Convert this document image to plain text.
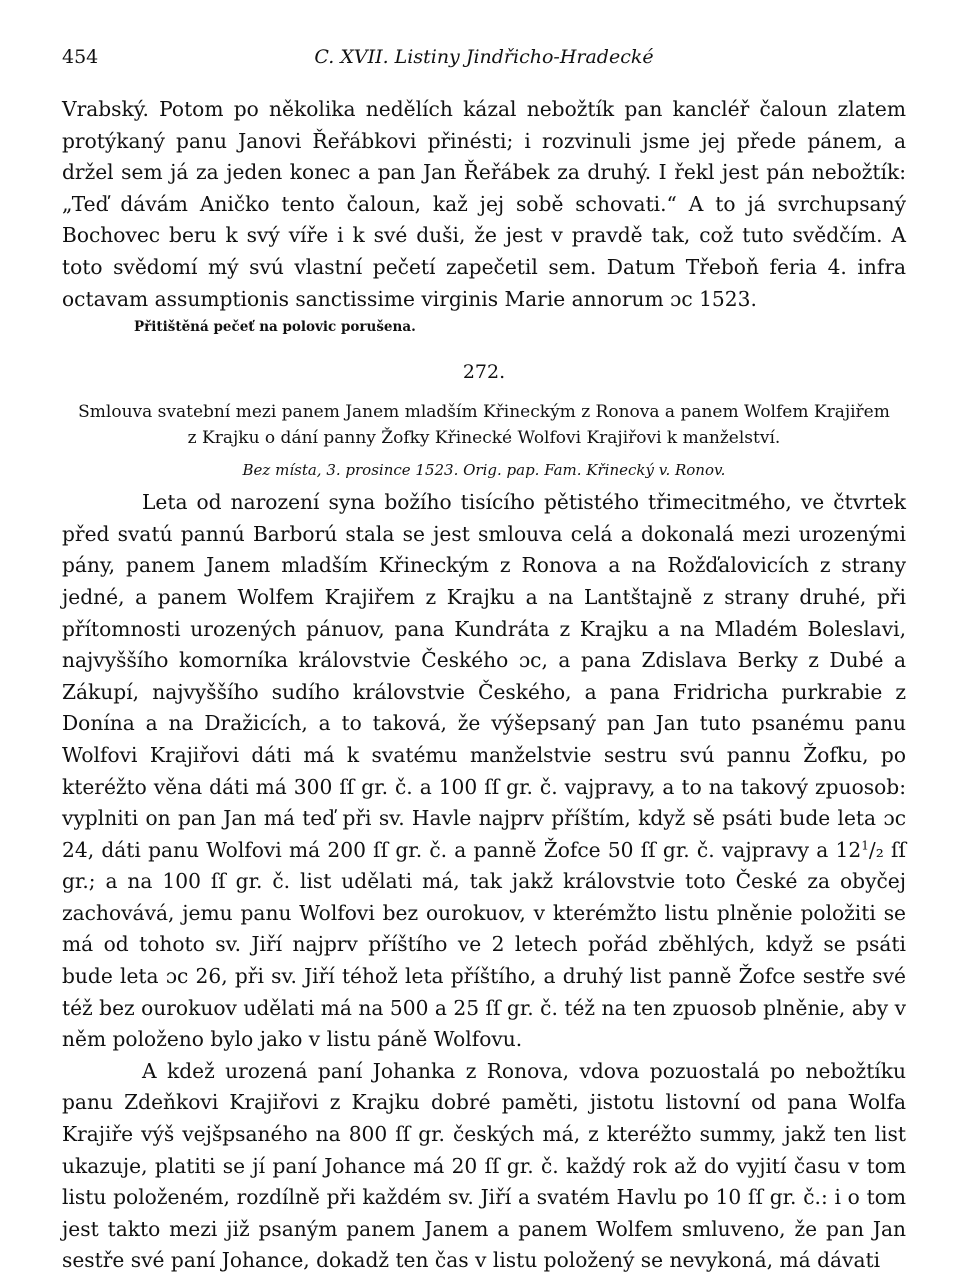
454	C. XVII. Listiny Jindřicho-Hradecké

Vrabský. Potom po několika nedělích kázal nebožtík pan kancléř čaloun zlatem protýkaný panu Janovi Řeřábkovi přinésti; i rozvinuli jsme jej přede pánem, a držel sem já za jeden konec a pan Jan Řeřábek za druhý. I řekl jest pán nebožtík: „Teď dávám Aničko tento čaloun, kaž jej sobě schovati.“ A to já svrchupsaný Bochovec beru k svý víře i k své duši, že jest v pravdě tak, což tuto svědčím. A toto svědomí mý svú vlastní pečetí zapečetil sem. Datum Třeboň feria 4. infra octavam assumptionis sanctissime virginis Marie annorum ɔc 1523.

Přitištěná pečeť na polovic porušena.
272.
Smlouva svatební mezi panem Janem mladším Křineckým z Ronova a panem Wolfem Krajiřem
z Krajku o dání panny Žofky Křinecké Wolfovi Krajiřovi k manželství.
Bez místa, 3. prosince 1523. Orig. pap. Fam. Křinecký v. Ronov.

Leta od narození syna božího tisícího pětistého třimecitmého, ve čtvrtek před svatú pannú Barború stala se jest smlouva celá a dokonalá mezi urozenými pány, panem Janem mladším Křineckým z Ronova a na Rožďalovicích z strany jedné, a panem Wolfem Krajiřem z Krajku a na Lantštajně z strany druhé, při přítomnosti urozených pánuov, pana Kundráta z Krajku a na Mladém Boleslavi, najvyššího komorníka královstvie Českého ɔc, a pana Zdislava Berky z Dubé a Zákupí, najvyššího sudího královstvie Českého, a pana Fridricha purkrabie z Donína a na Dražicích, a to taková, že výšepsaný pan Jan tuto psanému panu Wolfovi Krajiřovi dáti má k svatému manželstvie sestru svú pannu Žofku, po kteréžto věna dáti má 300 ſſ gr. č. a 100 ſſ gr. č. vajpravy, a to na takový zpuosob: vyplniti on pan Jan má teď při sv. Havle najprv příštím, když sě psáti bude leta ɔc 24, dáti panu Wolfovi má 200 ſſ gr. č. a panně Žofce 50 ſſ gr. č. vajpravy a $12^1/_2$ ſſ gr.; a na 100 ſſ gr. č. list udělati má, tak jakž královstvie toto České za obyčej zachovává, jemu panu Wolfovi bez ourokuov, v kterémžto listu plněnie položiti se má od tohoto sv. Jiří najprv příštího ve 2 letech pořád zběhlých, když se psáti bude leta ɔc 26, při sv. Jiří téhož leta příštího, a druhý list panně Žofce sestře své též bez ourokuov udělati má na 500 a 25 ſſ gr. č. též na ten zpuosob plněnie, aby v něm položeno bylo jako v listu páně Wolfovu.

A kdež urozená paní Johanka z Ronova, vdova pozuostalá po nebožtíku panu Zdeňkovi Krajiřovi z Krajku dobré paměti, jistotu listovní od pana Wolfa Krajiře výš vejšpsaného na 800 ſſ gr. českých má, z kteréžto summy, jakž ten list ukazuje, platiti se jí paní Johance má 20 ſſ gr. č. každý rok až do vyjití času v tom listu položeném, rozdílně při každém sv. Jiří a svatém Havlu po 10 ſſ gr. č.: i o tom jest takto mezi již psaným panem Janem a panem Wolfem smluveno, že pan Jan sestře své paní Johance, dokadž ten čas v listu položený se nevykoná, má dávati
